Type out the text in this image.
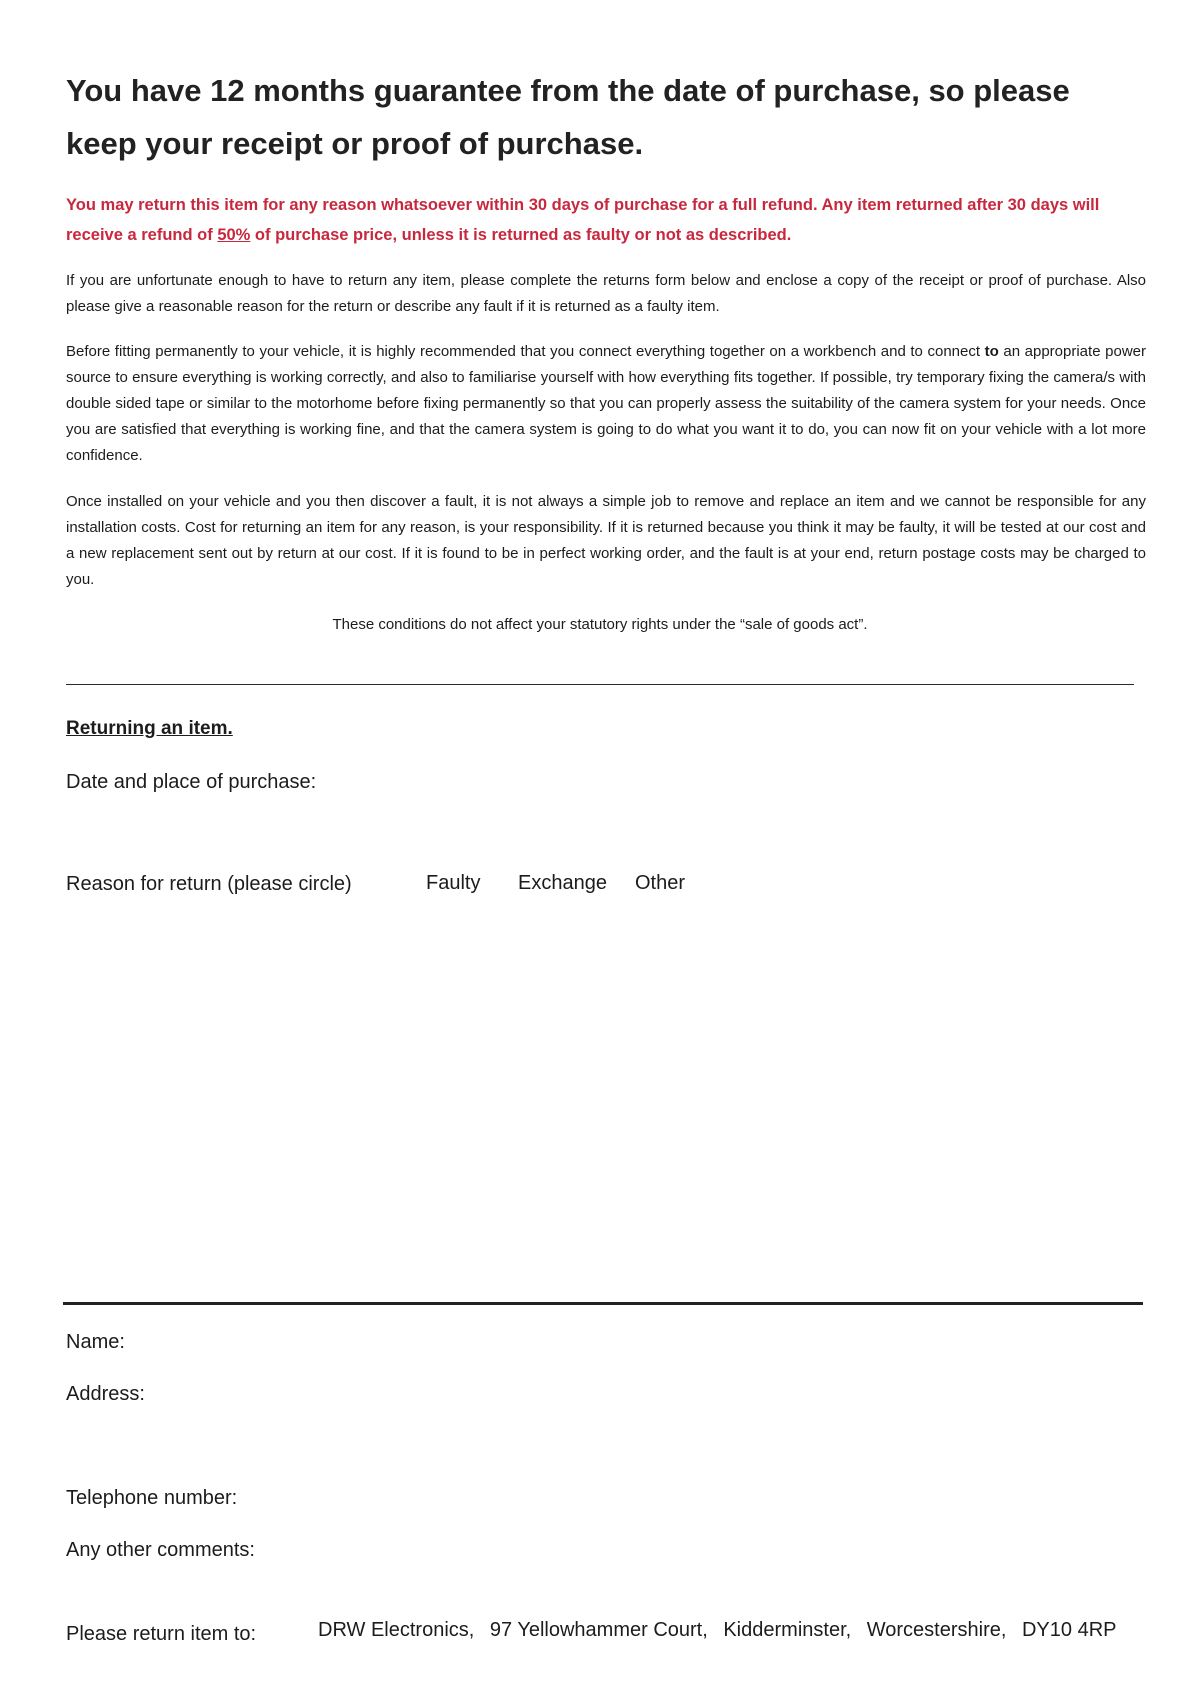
You have 12 months guarantee from the date of purchase, so please keep your receipt or proof of purchase.
You may return this item for any reason whatsoever within 30 days of purchase for a full refund. Any item returned after 30 days will receive a refund of 50% of purchase price, unless it is returned as faulty or not as described.
If you are unfortunate enough to have to return any item, please complete the returns form below and enclose a copy of the receipt or proof of purchase. Also please give a reasonable reason for the return or describe any fault if it is returned as a faulty item.
Before fitting permanently to your vehicle, it is highly recommended that you connect everything together on a workbench and to connect to an appropriate power source to ensure everything is working correctly, and also to familiarise yourself with how everything fits together. If possible, try temporary fixing the camera/s with double sided tape or similar to the motorhome before fixing permanently so that you can properly assess the suitability of the camera system for your needs. Once you are satisfied that everything is working fine, and that the camera system is going to do what you want it to do, you can now fit on your vehicle with a lot more confidence.
Once installed on your vehicle and you then discover a fault, it is not always a simple job to remove and replace an item and we cannot be responsible for any installation costs. Cost for returning an item for any reason, is your responsibility. If it is returned because you think it may be faulty, it will be tested at our cost and a new replacement sent out by return at our cost. If it is found to be in perfect working order, and the fault is at your end, return postage costs may be charged to you.
These conditions do not affect your statutory rights under the “sale of goods act”.
Returning an item.
Date and place of purchase:
Reason for return (please circle)	Faulty Exchange Other
Name:
Address:
Telephone number:
Any other comments:
Please return item to:	DRW Electronics, 97 Yellowhammer Court, Kidderminster, Worcestershire, DY10 4RP
